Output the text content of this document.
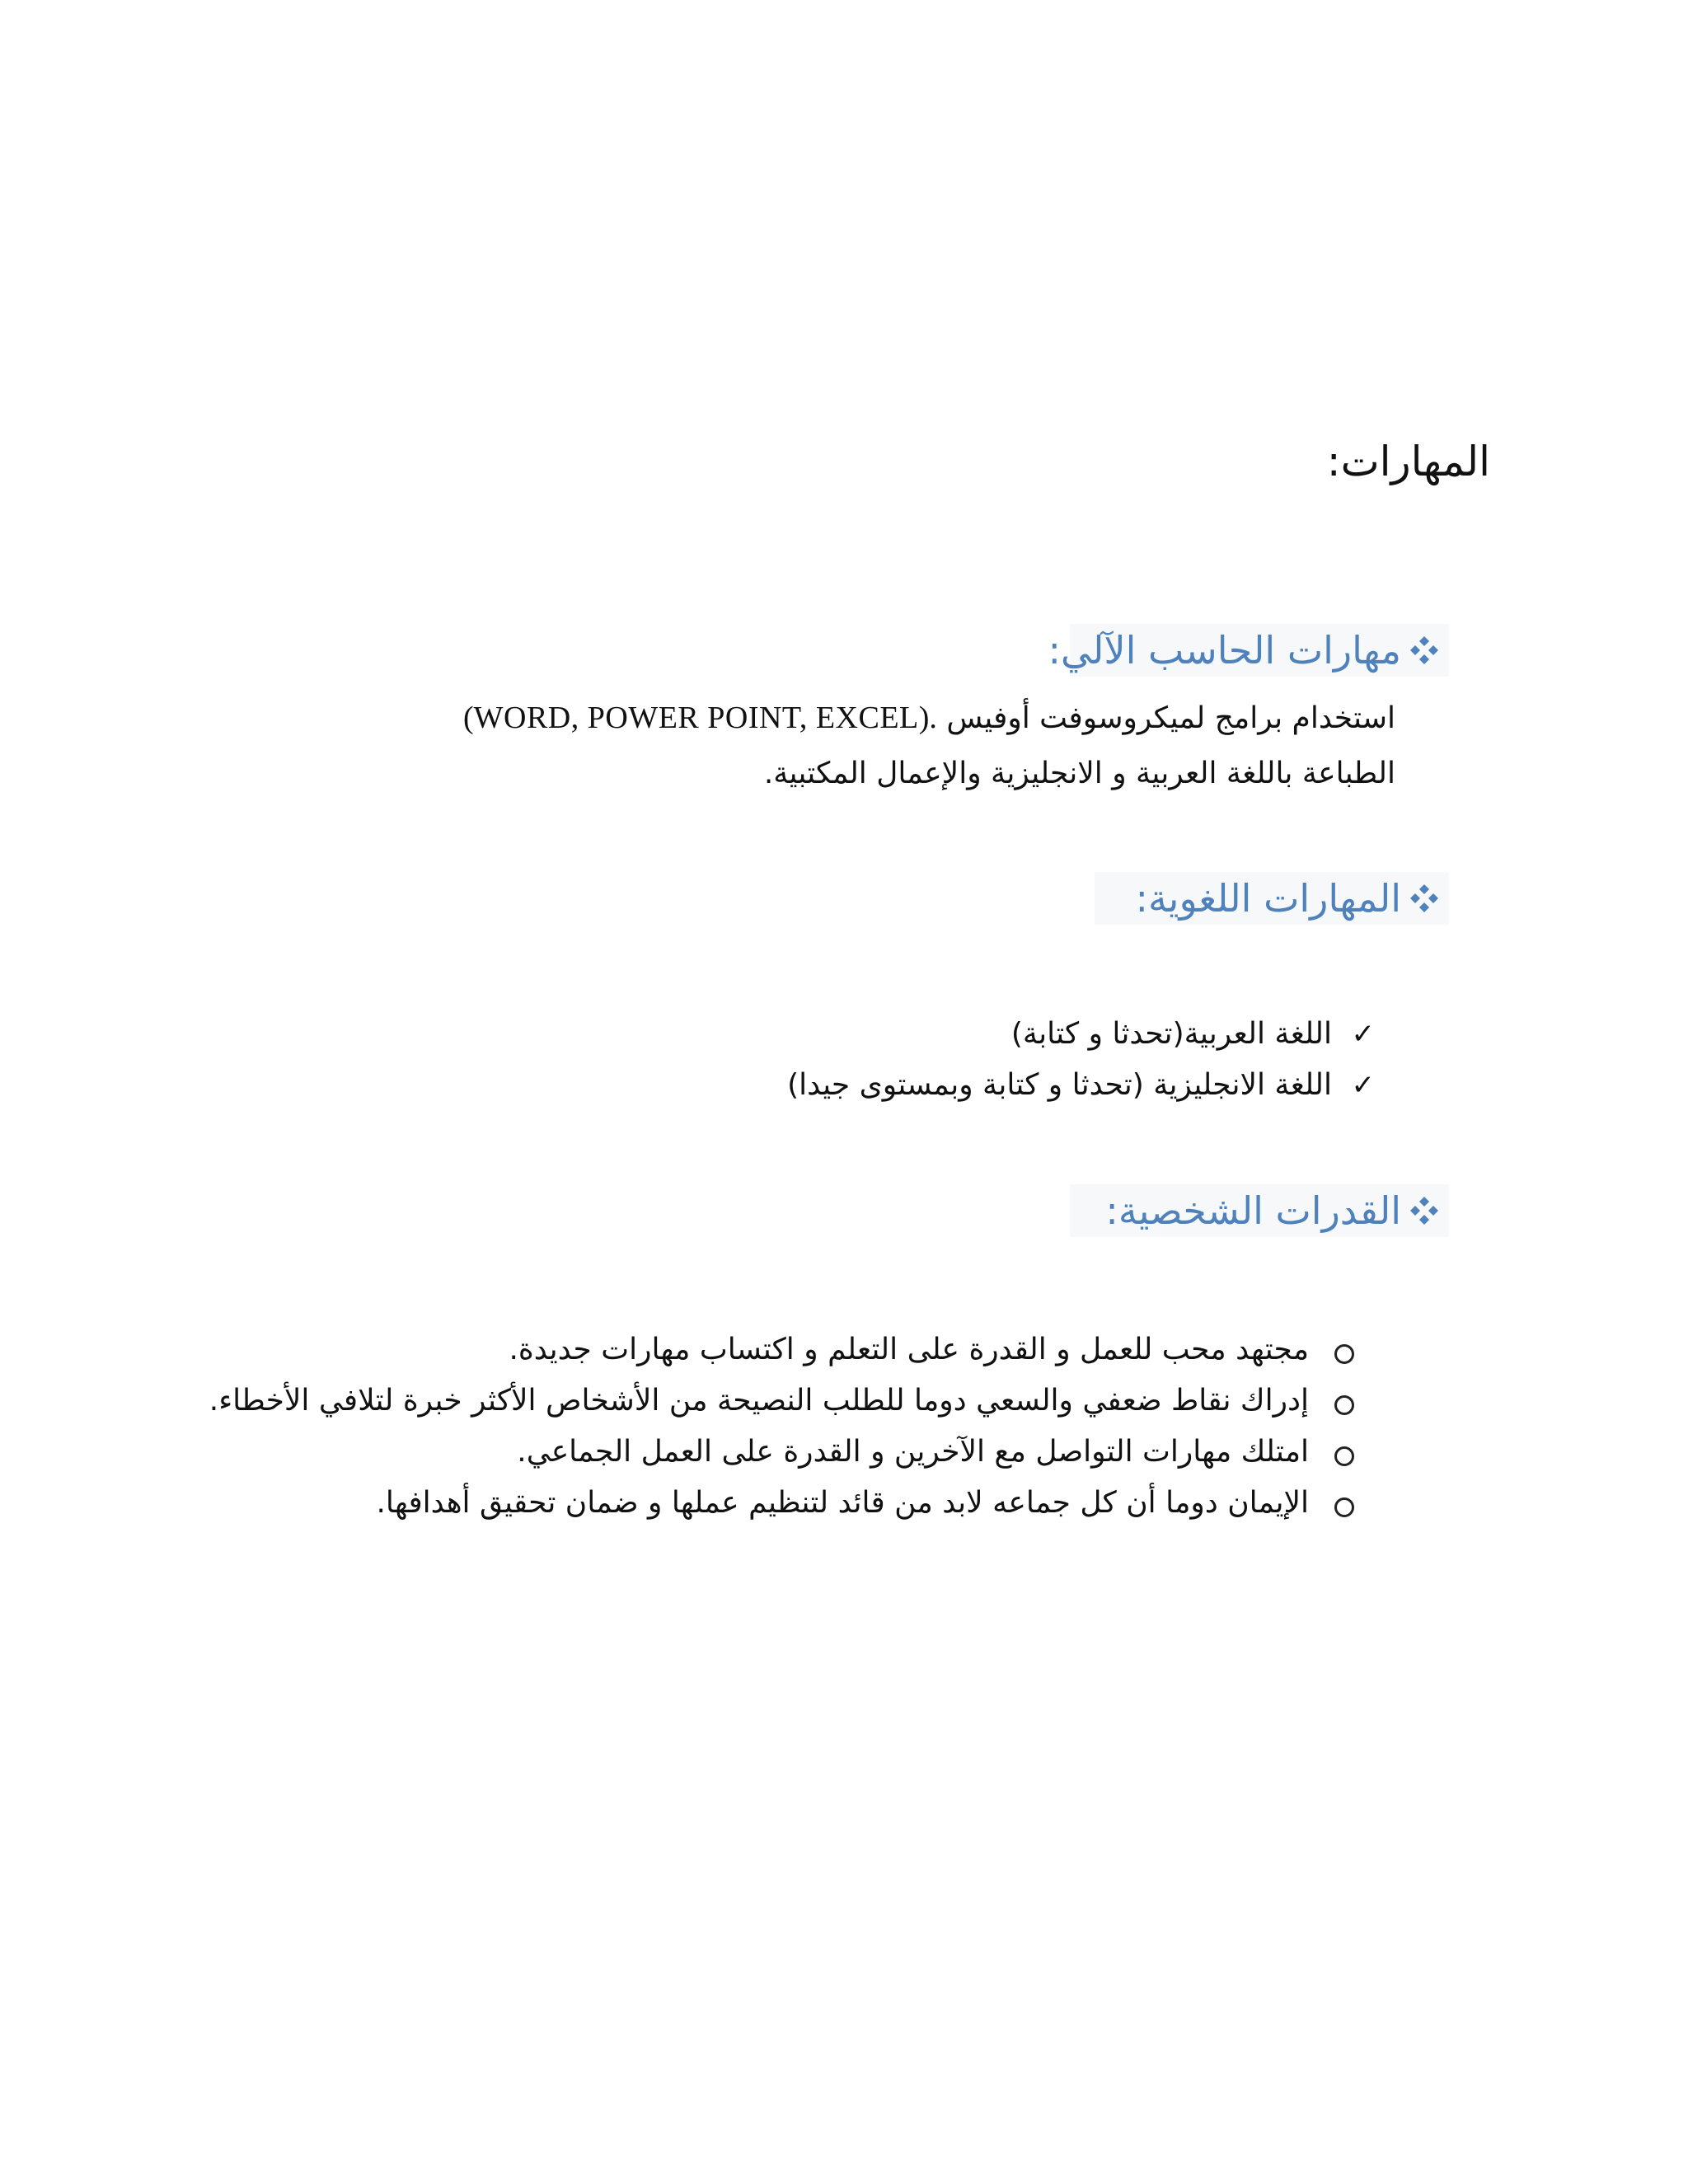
المهارات:
مهارات الحاسب الآلي:
استخدام برامج لميكروسوفت أوفيس (WORD, POWER POINT, EXCEL).
الطباعة باللغة العربية و الانجليزية والإعمال المكتبية.
المهارات اللغوية:
✓
اللغة العربية(تحدثا و كتابة)
✓
اللغة الانجليزية (تحدثا و كتابة وبمستوى جيدا)
القدرات الشخصية:
مجتهد محب للعمل و القدرة على التعلم و اكتساب مهارات جديدة.
إدراك نقاط ضعفي والسعي دوما للطلب النصيحة من الأشخاص الأكثر خبرة لتلافي الأخطاء.
امتلك مهارات التواصل مع الآخرين و القدرة على العمل الجماعي.
الإيمان دوما أن كل جماعه لابد من قائد لتنظيم عملها و ضمان تحقيق أهدافها.
